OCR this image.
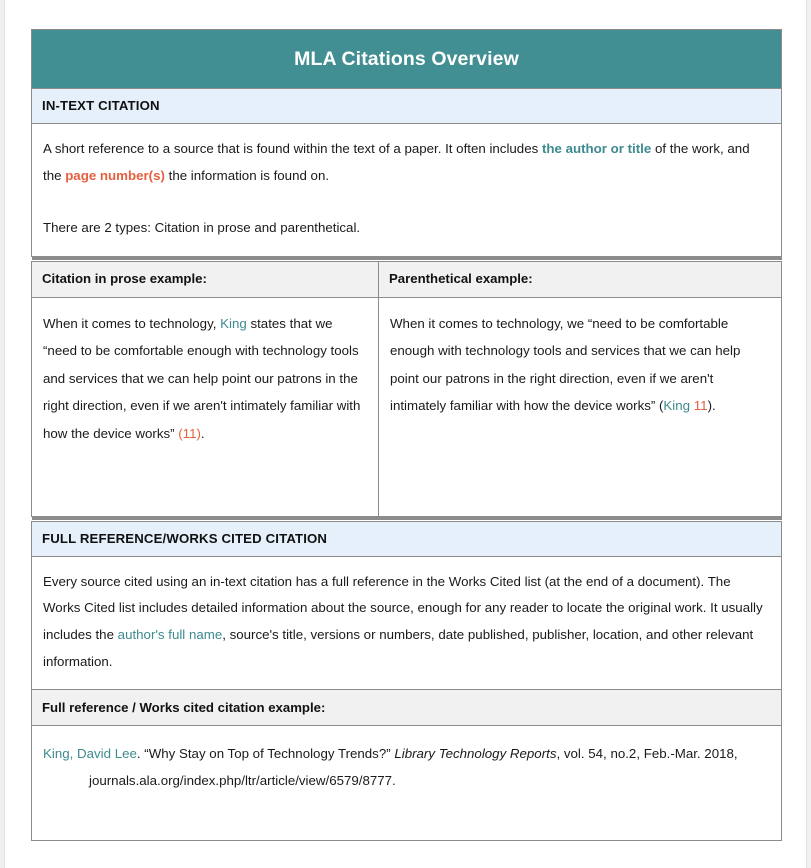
MLA Citations Overview	
IN-TEXT CITATION	

A short reference to a source that is found within the text of a paper. It often includes the author or title of the work, and the page number(s) the information is found on.

There are 2 types: Citation in prose and parenthetical.	

Citation in prose example:	Parenthetical example:

When it comes to technology, King states that we “need to be comfortable enough with technology tools and services that we can help point our patrons in the right direction, even if we aren't intimately familiar with how the device works” (11).

When it comes to technology, we “need to be comfortable enough with technology tools and services that we can help point our patrons in the right direction, even if we aren't intimately familiar with how the device works” (King 11).

FULL REFERENCE/WORKS CITED CITATION	

Every source cited using an in-text citation has a full reference in the Works Cited list (at the end of a document). The Works Cited list includes detailed information about the source, enough for any reader to locate the original work. It usually includes the author's full name, source's title, versions or numbers, date published, publisher, location, and other relevant information.	

Full reference / Works cited citation example:	

King, David Lee. “Why Stay on Top of Technology Trends?” Library Technology Reports, vol. 54, no.2, Feb.-Mar. 2018, journals.ala.org/index.php/ltr/article/view/6579/8777.	
